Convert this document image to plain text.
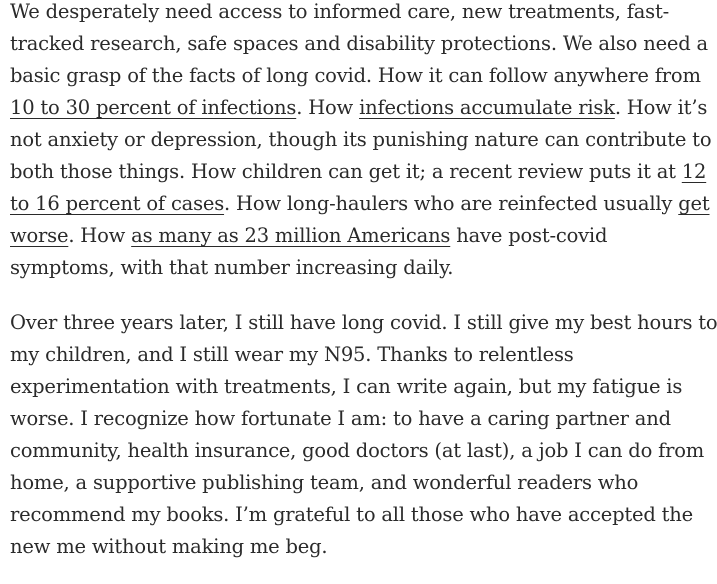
We desperately need access to informed care, new treatments, fast-
tracked research, safe spaces and disability protections. We also need a
basic grasp of the facts of long covid. How it can follow anywhere from
10 to 30 percent of infections. How infections accumulate risk. How it’s
not anxiety or depression, though its punishing nature can contribute to
both those things. How children can get it; a recent review puts it at 12
to 16 percent of cases. How long-haulers who are reinfected usually get
worse. How as many as 23 million Americans have post-covid
symptoms, with that number increasing daily.

Over three years later, I still have long covid. I still give my best hours to
my children, and I still wear my N95. Thanks to relentless
experimentation with treatments, I can write again, but my fatigue is
worse. I recognize how fortunate I am: to have a caring partner and
community, health insurance, good doctors (at last), a job I can do from
home, a supportive publishing team, and wonderful readers who
recommend my books. I’m grateful to all those who have accepted the
new me without making me beg.
